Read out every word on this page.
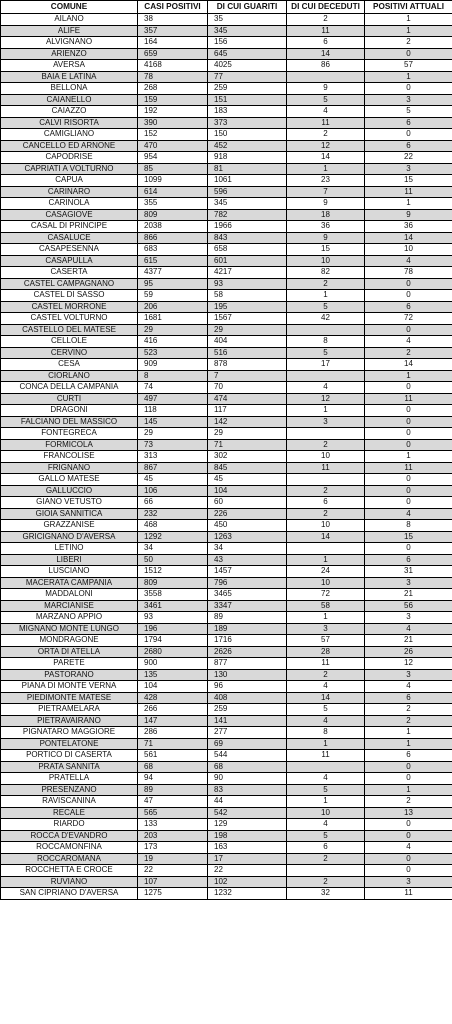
COMUNE	CASI POSITIVI	DI CUI GUARITI	DI CUI DECEDUTI	POSITIVI ATTUALI
AILANO	38	35	2	1
ALIFE	357	345	11	1
ALVIGNANO	164	156	6	2
ARIENZO	659	645	14	0
AVERSA	4168	4025	86	57
BAIA E LATINA	78	77		1
BELLONA	268	259	9	0
CAIANELLO	159	151	5	3
CAIAZZO	192	183	4	5
CALVI RISORTA	390	373	11	6
CAMIGLIANO	152	150	2	0
CANCELLO ED ARNONE	470	452	12	6
CAPODRISE	954	918	14	22
CAPRIATI A VOLTURNO	85	81	1	3
CAPUA	1099	1061	23	15
CARINARO	614	596	7	11
CARINOLA	355	345	9	1
CASAGIOVE	809	782	18	9
CASAL DI PRINCIPE	2038	1966	36	36
CASALUCE	866	843	9	14
CASAPESENNA	683	658	15	10
CASAPULLA	615	601	10	4
CASERTA	4377	4217	82	78
CASTEL CAMPAGNANO	95	93	2	0
CASTEL DI SASSO	59	58	1	0
CASTEL MORRONE	206	195	5	6
CASTEL VOLTURNO	1681	1567	42	72
CASTELLO DEL MATESE	29	29		0
CELLOLE	416	404	8	4
CERVINO	523	516	5	2
CESA	909	878	17	14
CIORLANO	8	7		1
CONCA DELLA CAMPANIA	74	70	4	0
CURTI	497	474	12	11
DRAGONI	118	117	1	0
FALCIANO DEL MASSICO	145	142	3	0
FONTEGRECA	29	29		0
FORMICOLA	73	71	2	0
FRANCOLISE	313	302	10	1
FRIGNANO	867	845	11	11
GALLO MATESE	45	45		0
GALLUCCIO	106	104	2	0
GIANO VETUSTO	66	60	6	0
GIOIA SANNITICA	232	226	2	4
GRAZZANISE	468	450	10	8
GRICIGNANO D'AVERSA	1292	1263	14	15
LETINO	34	34		0
LIBERI	50	43	1	6
LUSCIANO	1512	1457	24	31
MACERATA CAMPANIA	809	796	10	3
MADDALONI	3558	3465	72	21
MARCIANISE	3461	3347	58	56
MARZANO APPIO	93	89	1	3
MIGNANO MONTE LUNGO	196	189	3	4
MONDRAGONE	1794	1716	57	21
ORTA DI ATELLA	2680	2626	28	26
PARETE	900	877	11	12
PASTORANO	135	130	2	3
PIANA DI MONTE VERNA	104	96	4	4
PIEDIMONTE MATESE	428	408	14	6
PIETRAMELARA	266	259	5	2
PIETRAVAIRANO	147	141	4	2
PIGNATARO MAGGIORE	286	277	8	1
PONTELATONE	71	69	1	1
PORTICO DI CASERTA	561	544	11	6
PRATA SANNITA	68	68		0
PRATELLA	94	90	4	0
PRESENZANO	89	83	5	1
RAVISCANINA	47	44	1	2
RECALE	565	542	10	13
RIARDO	133	129	4	0
ROCCA D'EVANDRO	203	198	5	0
ROCCAMONFINA	173	163	6	4
ROCCAROMANA	19	17	2	0
ROCCHETTA E CROCE	22	22		0
RUVIANO	107	102	2	3
SAN CIPRIANO D'AVERSA	1275	1232	32	11
